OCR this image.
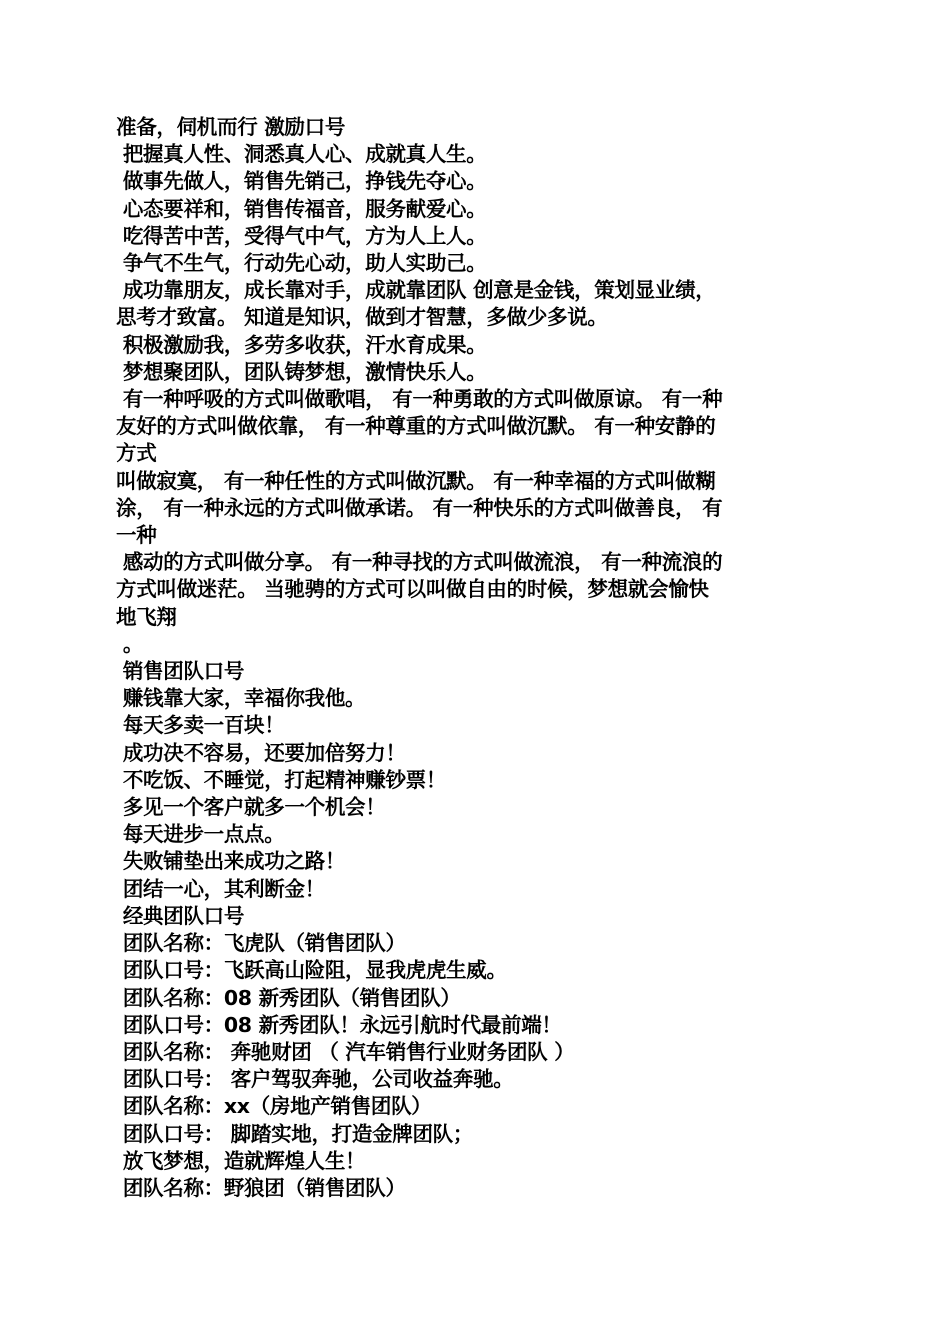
准备，伺机而行 激励口号

把握真人性、洞悉真人心、成就真人生。

做事先做人，销售先销己，挣钱先夺心。

心态要祥和，销售传福音，服务献爱心。

吃得苦中苦，受得气中气，方为人上人。

争气不生气，行动先心动，助人实助己。

成功靠朋友，成长靠对手，成就靠团队 创意是金钱，策划显业绩，

思考才致富。 知道是知识，做到才智慧，多做少多说。

积极激励我，多劳多收获，汗水育成果。

梦想聚团队，团队铸梦想，激情快乐人。

有一种呼吸的方式叫做歌唱， 有一种勇敢的方式叫做原谅。 有一种

友好的方式叫做依靠， 有一种尊重的方式叫做沉默。 有一种安静的

方式

叫做寂寞， 有一种任性的方式叫做沉默。 有一种幸福的方式叫做糊

涂， 有一种永远的方式叫做承诺。 有一种快乐的方式叫做善良， 有

一种

感动的方式叫做分享。 有一种寻找的方式叫做流浪， 有一种流浪的

方式叫做迷茫。 当驰骋的方式可以叫做自由的时候，梦想就会愉快

地飞翔

。

销售团队口号

赚钱靠大家，幸福你我他。

每天多卖一百块！

成功决不容易，还要加倍努力！

不吃饭、不睡觉，打起精神赚钞票！

多见一个客户就多一个机会！

每天进步一点点。

失败铺垫出来成功之路！

团结一心，其利断金！

经典团队口号

团队名称：飞虎队（销售团队）

团队口号：飞跃高山险阻，显我虎虎生威。

团队名称：08 新秀团队（销售团队）

团队口号：08 新秀团队！永远引航时代最前端！

团队名称： 奔驰财团 （ 汽车销售行业财务团队 ）

团队口号： 客户驾驭奔驰，公司收益奔驰。

团队名称：xx（房地产销售团队）

团队口号： 脚踏实地，打造金牌团队；

放飞梦想，造就辉煌人生！

团队名称：野狼团（销售团队）
